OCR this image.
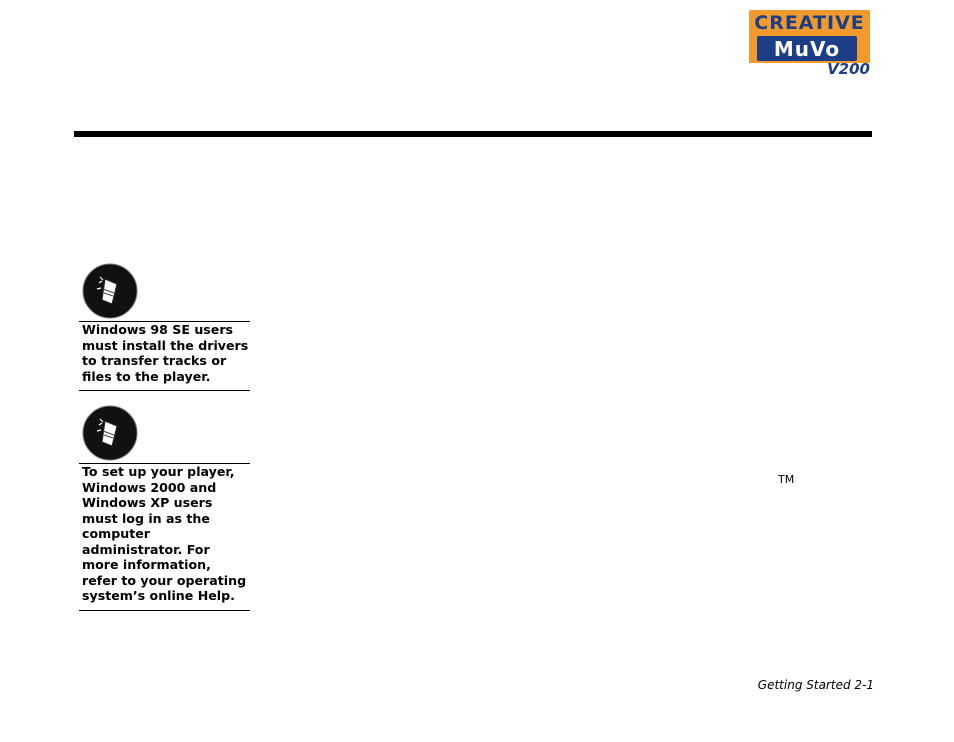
CREATIVE
MuVo
V200
Windows 98 SE users must install the drivers to transfer tracks or files to the player.
To set up your player, Windows 2000 and Windows XP users must log in as the computer administrator. For more information, refer to your operating system’s online Help.
TM
Getting Started 2-1
